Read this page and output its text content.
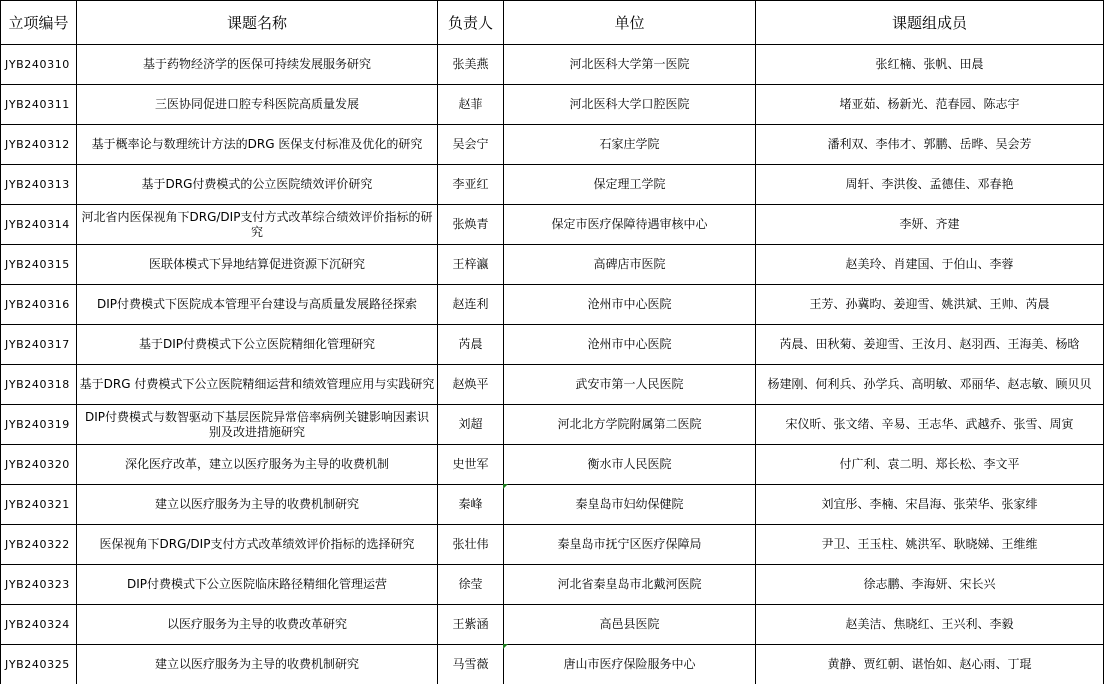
立项编号	课题名称	负责人	单位	课题组成员
JYB240310	基于药物经济学的医保可持续发展服务研究	张美燕	河北医科大学第一医院	张红楠、张帆、田晨
JYB240311	三医协同促进口腔专科医院高质量发展	赵菲	河北医科大学口腔医院	堵亚茹、杨新光、范春园、陈志宇
JYB240312	基于概率论与数理统计方法的DRG 医保支付标准及优化的研究	吴会宁	石家庄学院	潘利双、李伟才、郭鹏、岳晔、吴会芳
JYB240313	基于DRG付费模式的公立医院绩效评价研究	李亚红	保定理工学院	周轩、李洪俊、孟德佳、邓春艳
JYB240314	河北省内医保视角下DRG/DIP支付方式改革综合绩效评价指标的研究	张焕青	保定市医疗保障待遇审核中心	李妍、齐建
JYB240315	医联体模式下异地结算促进资源下沉研究	王梓瀛	高碑店市医院	赵美玲、肖建国、于伯山、李蓉
JYB240316	DIP付费模式下医院成本管理平台建设与高质量发展路径探索	赵连利	沧州市中心医院	王芳、孙冀昀、姜迎雪、姚洪斌、王帅、芮晨
JYB240317	基于DIP付费模式下公立医院精细化管理研究	芮晨	沧州市中心医院	芮晨、田秋菊、姜迎雪、王汝月、赵羽西、王海美、杨晗
JYB240318	基于DRG 付费模式下公立医院精细运营和绩效管理应用与实践研究	赵焕平	武安市第一人民医院	杨建刚、何利兵、孙学兵、高明敏、邓丽华、赵志敏、顾贝贝
JYB240319	DIP付费模式与数智驱动下基层医院异常倍率病例关键影响因素识别及改进措施研究	刘超	河北北方学院附属第二医院	宋仪昕、张文绪、辛易、王志华、武越乔、张雪、周寅
JYB240320	深化医疗改革，建立以医疗服务为主导的收费机制	史世军	衡水市人民医院	付广利、袁二明、郑长松、李文平
JYB240321	建立以医疗服务为主导的收费机制研究	秦峰	秦皇岛市妇幼保健院	刘宜彤、李楠、宋昌海、张荣华、张家绯
JYB240322	医保视角下DRG/DIP支付方式改革绩效评价指标的选择研究	张壮伟	秦皇岛市抚宁区医疗保障局	尹卫、王玉柱、姚洪军、耿晓娣、王维维
JYB240323	DIP付费模式下公立医院临床路径精细化管理运营	徐莹	河北省秦皇岛市北戴河医院	徐志鹏、李海妍、宋长兴
JYB240324	以医疗服务为主导的收费改革研究	王紫涵	高邑县医院	赵美洁、焦晓红、王兴利、李毅
JYB240325	建立以医疗服务为主导的收费机制研究	马雪薇	唐山市医疗保险服务中心	黄静、贾红朝、谌怡如、赵心雨、丁琨
